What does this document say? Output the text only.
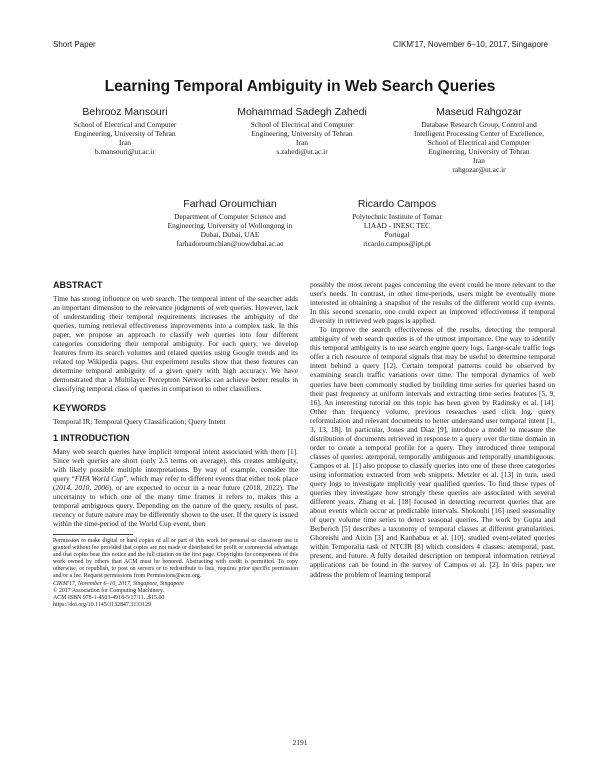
Short Paper	CIKM'17, November 6–10, 2017, Singapore
Learning Temporal Ambiguity in Web Search Queries
Behrooz Mansouri
School of Electrical and Computer
Engineering, University of Tehran
Iran
b.mansouri@ut.ac.ir
Mohammad Sadegh Zahedi
School of Electrical and Computer
Engineering, University of Tehran
Iran
s.zahedi@ut.ac.ir
Maseud Rahgozar
Database Research Group, Control and
Intelligent Processing Center of Excellence,
School of Electrical and Computer
Engineering, University of Tehran
Iran
rahgozar@ut.ac.ir
Farhad Oroumchian
Department of Computer Science and
Engineering, University of Wollongong in
Dubai, Dubai, UAE
farhadoroumchian@uowdubai.ac.ae
Ricardo Campos
Polytechnic Institute of Tomar
LIAAD - INESC TEC
Portugal
ricardo.campos@ipt.pt
ABSTRACT

Time has strong influence on web search. The temporal intent of the searcher adds an important dimension to the relevance judgments of web queries. However, lack of understanding their temporal requirements increases the ambiguity of the queries, turning retrieval effectiveness improvements into a complex task. In this paper, we propose an approach to classify web queries into four different categories considering their temporal ambiguity. For each query, we develop features from its search volumes and related queries using Google trends and its related top Wikipedia pages. Our experiment results show that these features can determine temporal ambiguity of a given query with high accuracy. We have demonstrated that a Multilayer Perceptron Networks can achieve better results in classifying temporal class of queries in comparison to other classifiers.

KEYWORDS

Temporal IR; Temporal Query Classification; Query Intent

1 INTRODUCTION

Many web search queries have implicit temporal intent associated with them [1]. Since web queries are short (only 2.5 terms on average), this creates ambiguity, with likely possible multiple interpretations. By way of example, consider the query “FIFA World Cup”, which may refer to different events that either took place (2014, 2010, 2006), or are expected to occur in a near future (2018, 2022). The uncertainty to which one of the many time frames it refers to, makes this a temporal ambiguous query. Depending on the nature of the query, results of past, recency or future nature may be differently shown to the user. If the query is issued within the time-period of the World Cup event, then

Permission to make digital or hard copies of all or part of this work for personal or classroom use is granted without fee provided that copies are not made or distributed for profit or commercial advantage and that copies bear this notice and the full citation on the first page. Copyrights for components of this work owned by others than ACM must be honored. Abstracting with credit is permitted. To copy otherwise, or republish, to post on servers or to redistribute to lists, requires prior specific permission and/or a fee. Request permissions from Permissions@acm.org.

CIKM'17, November 6–10, 2017, Singapore, Singapore

© 2017 Association for Computing Machinery.

ACM ISBN 978-1-4503-4918-5/17/11...$15.00

https://doi.org/10.1145/3132847.3133129

possibly the most recent pages concerning the event could be more relevant to the user's needs. In contrast, in other time-periods, users might be eventually more interested in obtaining a snapshot of the results of the different world cup events. In this second scenario, one could expect an improved effectiveness if temporal diversity in retrieved web pages is applied.

To improve the search effectiveness of the results, detecting the temporal ambiguity of web search queries is of the utmost importance. One way to identify this temporal ambiguity is to use search engine query logs. Large-scale traffic logs offer a rich resource of temporal signals that may be useful to determine temporal intent behind a query [12]. Certain temporal patterns could be observed by examining search traffic variations over time. The temporal dynamics of web queries have been commonly studied by building time series for queries based on their past frequency at uniform intervals and extracting time series features [5, 9, 16]. An interesting tutorial on this topic has been given by Radinsky et al. [14]. Other than frequency volume, previous researches used click log, query reformulation and relevant documents to better understand user temporal intent [1, 3, 13, 18]. In particular, Jones and Diaz [9], introduce a model to measure the distribution of documents retrieved in response to a query over the time domain in order to create a temporal profile for a query. They introduced three temporal classes of queries: atemporal, temporally ambiguous and temporally unambiguous. Campos et al. [1] also propose to classify queries into one of these three categories using information extracted from web snippets. Metzler et al. [13] in turn, used query logs to investigate implicitly year qualified queries. To find these types of queries they investigate how strongly these queries are associated with several different years. Zhang et al. [18] focused in detecting recurrent queries that are about events which occur at predictable intervals. Shokouhi [16] used seasonality of query volume time series to detect seasonal queries. The work by Gupta and Berberich [5] describes a taxonomy of temporal classes at different granularities. Ghoreishi and Aixin [3] and Kanhabua et al. [10]. studied event-related queries within Temporalia task of NTCIR [8] which considers 4 classes: atemporal, past, present, and future. A fully detailed description on temporal information retrieval applications can be found in the survey of Campos et al. [2]. In this paper, we address the problem of learning temporal

2191
